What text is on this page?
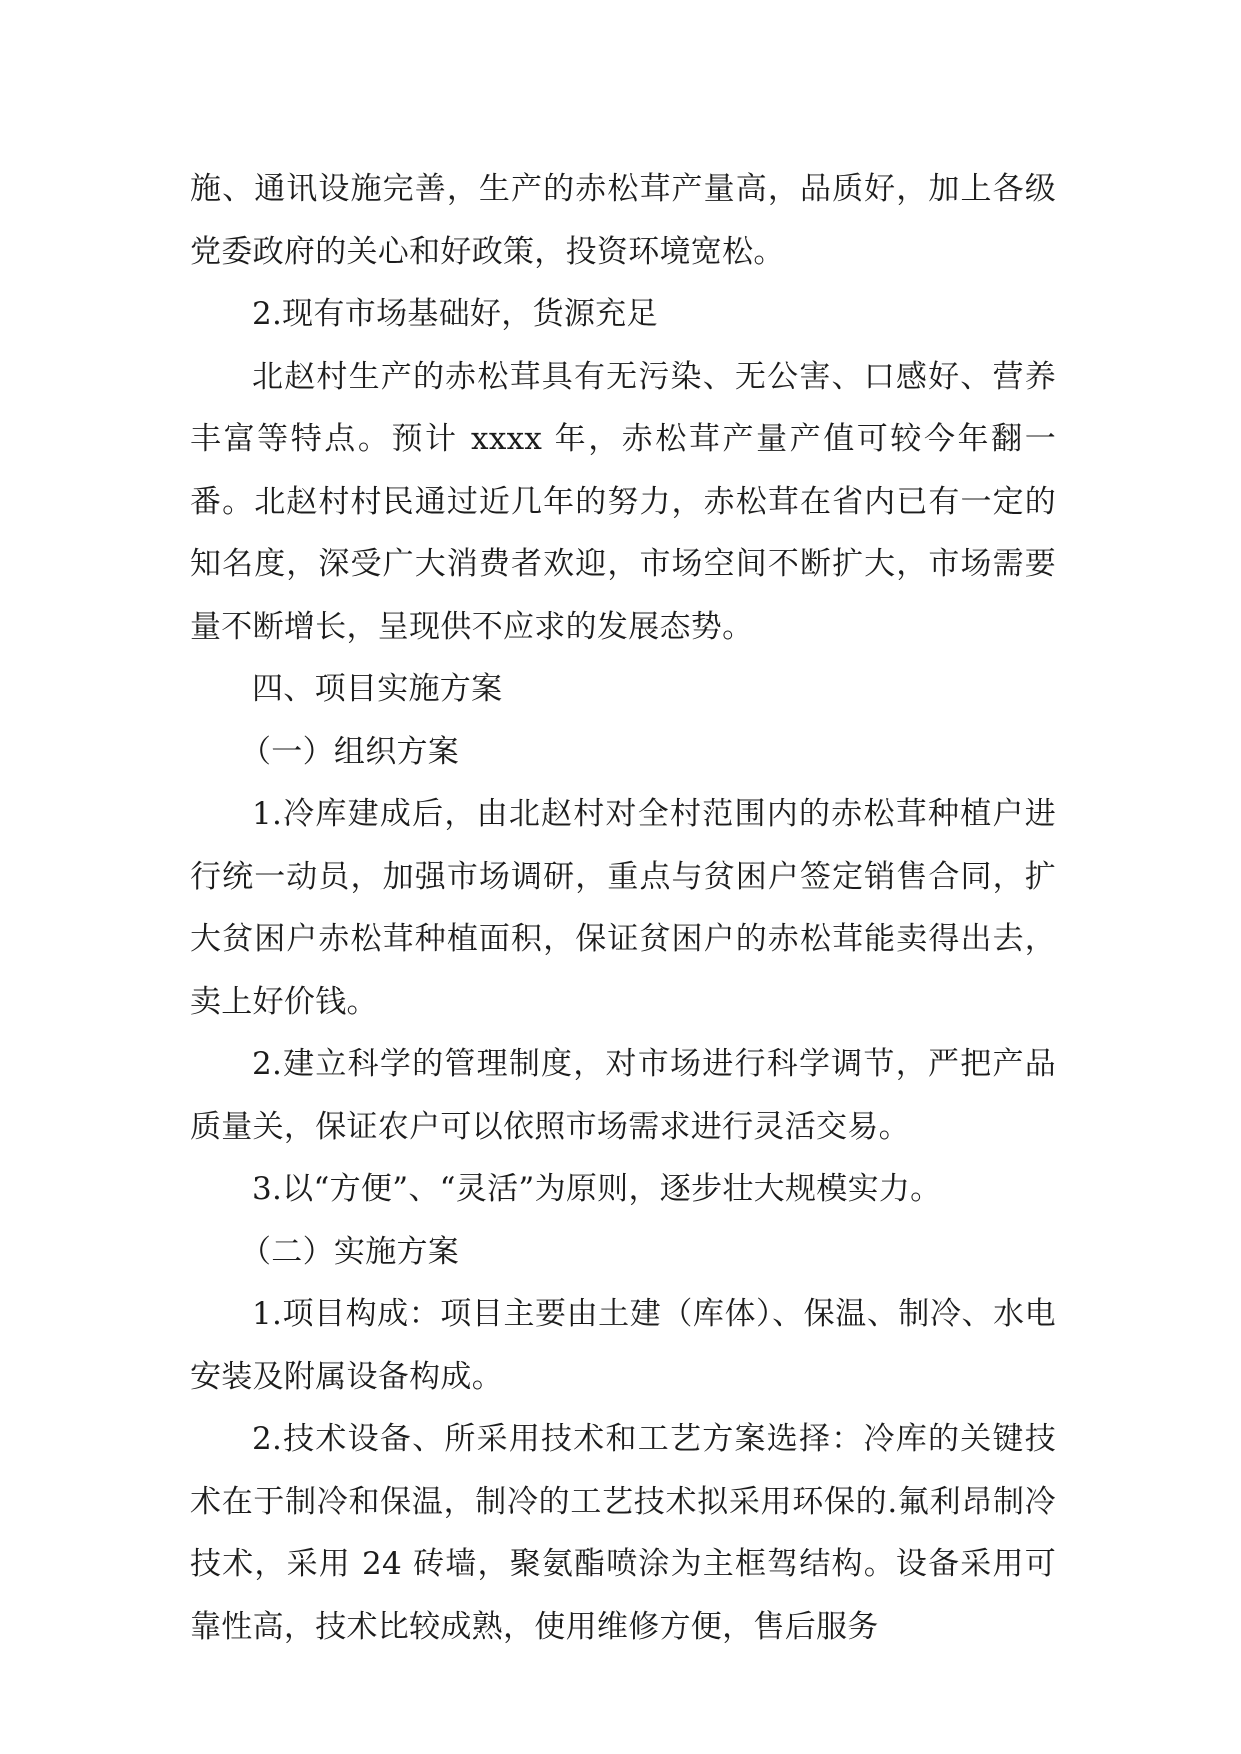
施、通讯设施完善，生产的赤松茸产量高，品质好，加上各级党委政府的关心和好政策，投资环境宽松。

2.现有市场基础好，货源充足

北赵村生产的赤松茸具有无污染、无公害、口感好、营养丰富等特点。预计 xxxx 年，赤松茸产量产值可较今年翻一番。北赵村村民通过近几年的努力，赤松茸在省内已有一定的知名度，深受广大消费者欢迎，市场空间不断扩大，市场需要量不断增长，呈现供不应求的发展态势。

四、项目实施方案

（一）组织方案

1.冷库建成后，由北赵村对全村范围内的赤松茸种植户进行统一动员，加强市场调研，重点与贫困户签定销售合同，扩大贫困户赤松茸种植面积，保证贫困户的赤松茸能卖得出去，卖上好价钱。

2.建立科学的管理制度，对市场进行科学调节，严把产品质量关，保证农户可以依照市场需求进行灵活交易。

3.以“方便”、“灵活”为原则，逐步壮大规模实力。

（二）实施方案

1.项目构成：项目主要由土建（库体）、保温、制冷、水电安装及附属设备构成。

2.技术设备、所采用技术和工艺方案选择：冷库的关键技术在于制冷和保温，制冷的工艺技术拟采用环保的.氟利昂制冷技术，采用 24 砖墙，聚氨酯喷涂为主框驾结构。设备采用可靠性高，技术比较成熟，使用维修方便，售后服务
